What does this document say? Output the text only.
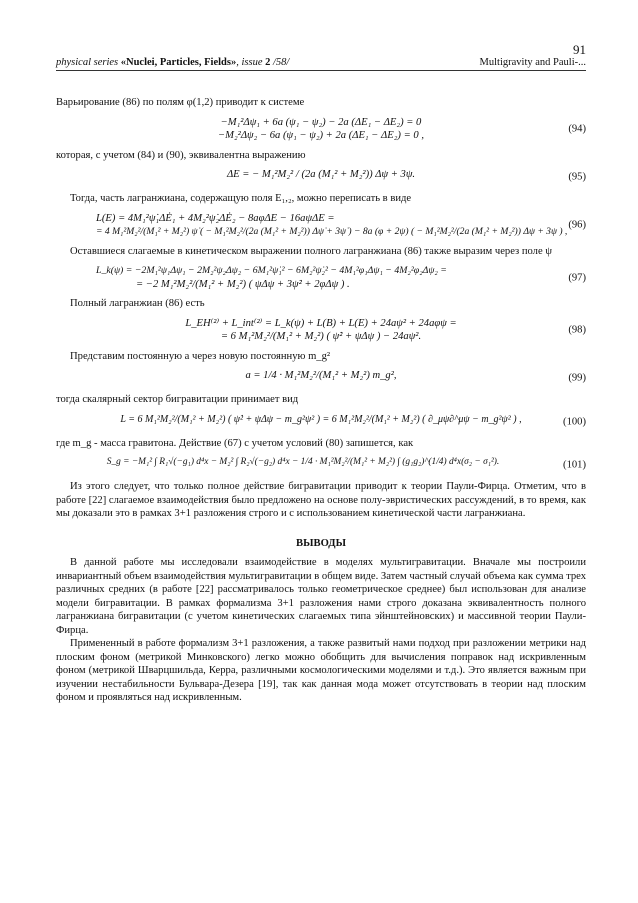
91
physical series «Nuclei, Particles, Fields», issue 2 /58/	Multigravity and Pauli-...

Варьирование (86) по полям φ(1,2) приводит к системе

−M₁²Δψ₁ + 6a (ψ₁ − ψ₂) − 2a (ΔE₁ − ΔE₂) = 0
−M₂²Δψ₂ − 6a (ψ₁ − ψ₂) + 2a (ΔE₁ − ΔE₂) = 0 ,
(94)

которая, с учетом (84) и (90), эквивалентна выражению

ΔE = − M₁²M₂² / (2a (M₁² + M₂²)) Δψ + 3ψ.	(95)

Тогда, часть лагранжиана, содержащую поля E₁,₂, можно переписать в виде

L(E) = 4M₁²ψ̇₁ΔĖ₁ + 4M₂²ψ̇₂ΔĖ₂ − 8aφΔE − 16aψΔE =
= 4 M₁²M₂²/(M₁² + M₂²) ψ̇ ( − M₁²M₂²/(2a (M₁² + M₂²)) Δψ̇ + 3ψ̇ ) − 8a (φ + 2ψ) ( − M₁²M₂²/(2a (M₁² + M₂²)) Δψ + 3ψ ) ,
(96)

Оставшиеся слагаемые в кинетическом выражении полного лагранжиана (86) также выразим через поле ψ

L_k(ψ) = −2M₁²ψ₁Δψ₁ − 2M₂²ψ₂Δψ₂ − 6M₁²ψ̇₁² − 6M₂²ψ̇₂² − 4M₁²φ₁Δψ₁ − 4M₂²φ₂Δψ₂ =
= −2 M₁²M₂²/(M₁² + M₂²) ( ψΔψ + 3ψ̇² + 2φΔψ ) .
(97)

Полный лагранжиан (86) есть

L_EH⁽²⁾ + L_int⁽²⁾ = L_k(ψ) + L(B) + L(E) + 24aψ² + 24aφψ =
= 6 M₁²M₂²/(M₁² + M₂²) ( ψ̇² + ψΔψ ) − 24aψ².
(98)

Представим постоянную a через новую постоянную m_g²

a = 1/4 · M₁²M₂²/(M₁² + M₂²) m_g²,	(99)

тогда скалярный сектор бигравитации принимает вид

L = 6 M₁²M₂²/(M₁² + M₂²) ( ψ̇² + ψΔψ − m_g²ψ² ) = 6 M₁²M₂²/(M₁² + M₂²) ( ∂_μψ∂^μψ − m_g²ψ² ) ,	(100)

где m_g - масса гравитона. Действие (67) с учетом условий (80) запишется, как

S_g = −M₁² ∫ R₁√(−g₁) d⁴x − M₂² ∫ R₂√(−g₂) d⁴x − 1/4 · M₁²M₂²/(M₁² + M₂²) ∫ (g₁g₂)^(1/4) d⁴x(σ₂ − σ₁²).	(101)

Из этого следует, что только полное действие бигравитации приводит к теории Паули-Фирца. Отметим, что в работе [22] слагаемое взаимодействия было предложено на основе полу-эвристических рассуждений, в то время, как мы доказали это в рамках 3+1 разложения строго и с использованием кинетической части лагранжиана.

ВЫВОДЫ

В данной работе мы исследовали взаимодействие в моделях мультигравитации. Вначале мы построили инвариантный объем взаимодействия мультигравитации в общем виде. Затем частный случай объема как сумма трех различных средних (в работе [22] рассматривалось только геометрическое среднее) был использован для анализе модели бигравитации. В рамках формализма 3+1 разложения нами строго доказана эквивалентность полного лагранжиана бигравитации (с учетом кинетических слагаемых типа эйнштейновских) и массивной теории Паули-Фирца.

Примененный в работе формализм 3+1 разложения, а также развитый нами подход при разложении метрики над плоским фоном (метрикой Минковского) легко можно обобщить для вычисления поправок над искривленным фоном (метрикой Шварцшильда, Керра, различными космологическими моделями и т.д.). Это является важным при изучении нестабильности Бульвара-Дезера [19], так как данная мода может отсутствовать в теории над плоским фоном и проявляться над искривленным.
